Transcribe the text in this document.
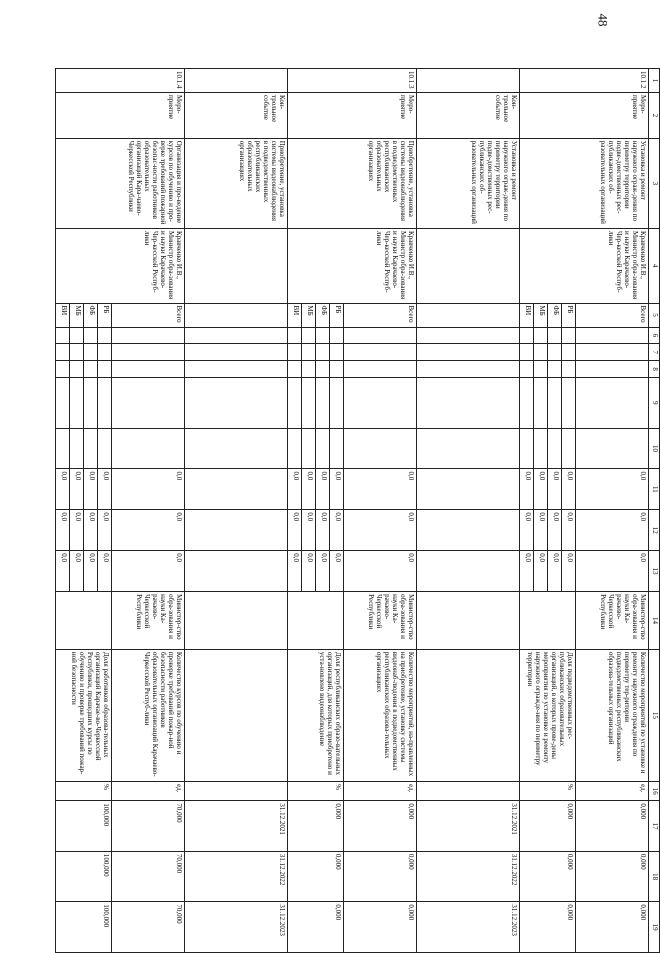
48
1	2	3	4	5	6	7	8	9	10	11	12	13	14	15	16	17	18	19
10.1.2	Меро-приятие	Установка и ремонт наружного ограж-дения по периметру территории подве-домственных рес-публиканских об-разовательных организаций	Кравченко И.В., Министр обра-зования и науки Карачаево-Чер-кесской Респуб-лики	Всего						0,0	0,0	0,0	Министер-ство обра-зования и науки Ка-рачаево-Черкесской Республики	Количество мероприятий по установке и ремонту наружного ограждения по периметру тер-ритории подведомственных республиканских образова-тельных организаций	ед.	0,000	0,000	0,000
				РБ						0,0	0,0	0,0		Доля подведомственных рес-публиканских образовательных организаций, в которых прове-дены мероприятия по установке и ремонту наружного огражде-ния по периметру территории	%	0,000	0,000	0,000
				ФБ						0,0	0,0	0,0						
				МБ						0,0	0,0	0,0						
				ВИ						0,0	0,0	0,0						
	Кон-трольное событие	Установка и ремонт наружного ограж-дения по периметру территории подве-домственных рес-публиканских об-разовательных организаций														31.12.2021	31.12.2022	31.12.2023
10.1.3	Меро-приятие	Приобретение, установка системы видеонаблюдения в подведомственных республиканских образовательных организациях	Кравченко И.В., Министр обра-зования и науки Карачаево-Чер-кесской Респуб-лики	Всего						0,0	0,0	0,0	Министер-ство обра-зования и науки Ка-рачаево-Черкесской Республики	Количество мероприятий, на-правленных на приобретение, установку системы видеонаб-людения в подведомственных республиканских образова-тельных организациях	ед.	0,000	0,000	0,000
				РБ						0,0	0,0	0,0		Доля республиканских образо-вательных организаций, для которых приобретено и уста-новлено видеонаблюдение	%	0,000	0,000	0,000
				ФБ						0,0	0,0	0,0						
				МБ						0,0	0,0	0,0						
				ВИ						0,0	0,0	0,0						
	Кон-трольное событие	Приобретение, установка системы видеонаблюдения в подведомственных республиканских образовательных организациях														31.12.2021	31.12.2022	31.12.2023
10.1.4	Меро-приятие	Организация и про-ведение курсов по обучению и про-верке требований пожарной безопас-ности работников образовательных организаций Кара-чаево-Черкесской Республики	Кравченко И.В., Министр обра-зования и науки Карачаево-Чер-кесской Респуб-лики	Всего						0,0	0,0	0,0	Министер-ство обра-зования и науки Ка-рачаево-Черкесской Республики	Количество курсов по обучению и проверке требований пожар-ной безопасности работников образовательных организаций Карачаево-Черкесской Респуб-лики	ед.	70,000	70,000	70,000
				РБ						0,0	0,0	0,0		Доля работников образова-тельных организаций Карачае-во-Черкесской Республики, прошедших курсы по обучению и проверке требований пожар-ной безопасности	%	100,000	100,000	100,000
				ФБ						0,0	0,0	0,0						
				МБ						0,0	0,0	0,0						
				ВИ						0,0	0,0	0,0						
